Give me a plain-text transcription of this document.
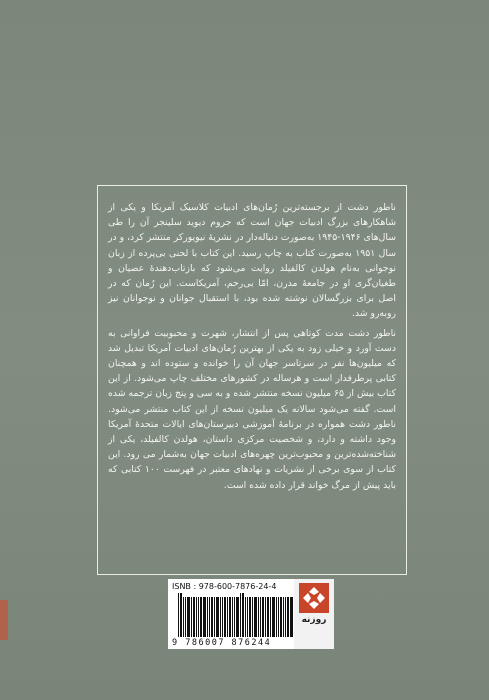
ناطور دشت از برجسته‌ترین رُمان‌های ادبیات کلاسیک آمریکا و یکی از شاهکارهای بزرگ ادبیات جهان است که جروم دیوید سلینجر آن را طی سال‌های ۱۹۴۶-۱۹۴۵ به‌صورت دنباله‌دار در نشریهٔ نیویورکر منتشر کرد، و در سال ۱۹۵۱ به‌صورت کتاب به چاپ رسید. این کتاب با لحنی بی‌پرده از زبان نوجوانی به‌نام هولدن کالفیلد روایت می‌شود که بازتاب‌دهندهٔ عصیان و طغیان‌گری او در جامعهٔ مدرن، امّا بی‌رحم، آمریکاست. این رُمان که در اصل برای بزرگسالان نوشته شده بود، با استقبال جوانان و نوجوانان نیز روبه‌رو شد.

ناطور دشت مدت کوتاهی پس از انتشار، شهرت و محبوبیت فراوانی به دست آورد و خیلی زود به یکی از بهترین رُمان‌های ادبیات آمریکا تبدیل شد که میلیون‌ها نفر در سرتاسر جهان آن را خوانده و ستوده اند و همچنان کتابی پرطرفدار است و هرساله در کشورهای مختلف چاپ می‌شود. از این کتاب بیش از ۶۵ میلیون نسخه منتشر شده و به سی و پنج زبان ترجمه شده است. گفته می‌شود سالانه یک میلیون نسخه از این کتاب منتشر می‌شود. ناطور دشت همواره در برنامهٔ آموزشی دبیرستان‌های ایالات متحدهٔ آمریکا وجود داشته و دارد، و شخصیت مرکزی داستان، هولدن کالفیلد، یکی از شناخته‌شده‌ترین و محبوب‌ترین چهره‌های ادبیات جهان به‌شمار می رود. این کتاب از سوی برخی از نشریات و نهادهای معتبر در فهرست ۱۰۰ کتابی که باید پیش از مرگ خواند قرار داده شده است.

ISNB : 978-600-7876-24-4
9 786007 876244
روزنه
